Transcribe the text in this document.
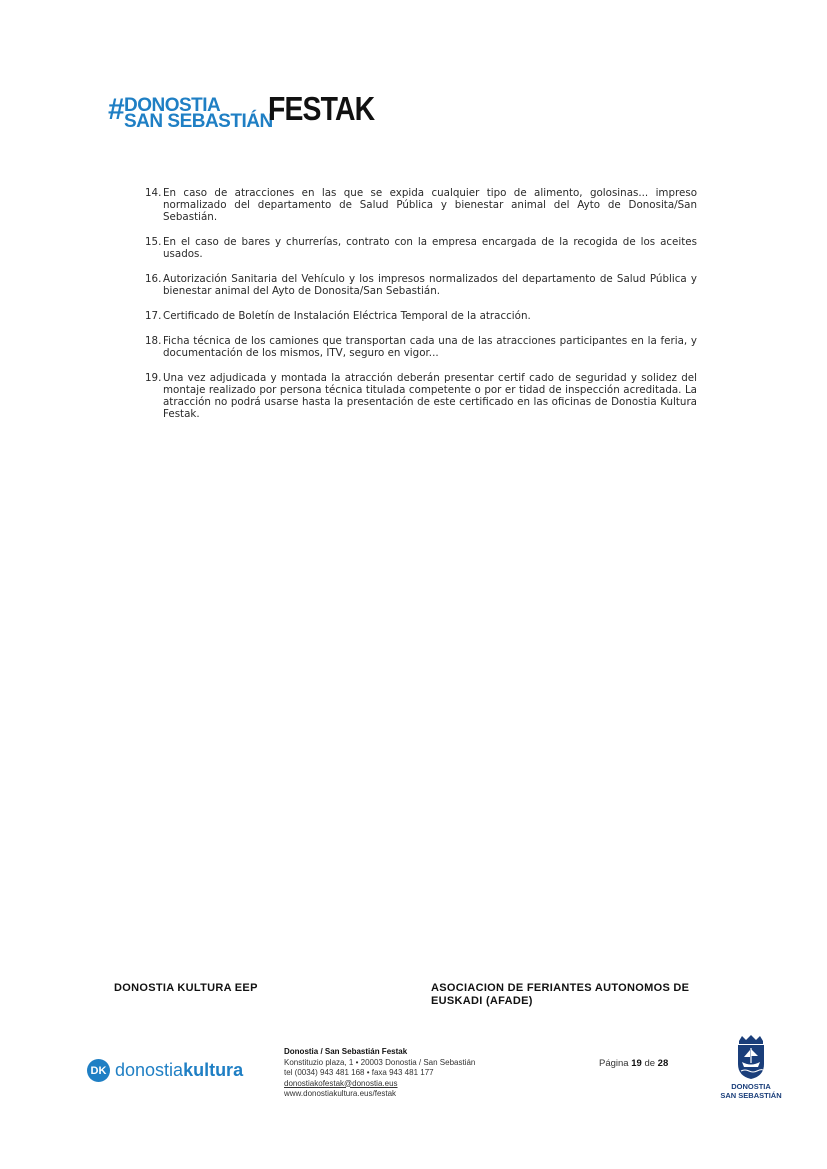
# DONOSTIA
SAN SEBASTIÁN
FESTAK
14. En caso de atracciones en las que se expida cualquier tipo de alimento, golosinas... impreso normalizado del departamento de Salud Pública y bienestar animal del Ayto de Donosita/San Sebastián.
15. En el caso de bares y churrerías, contrato con la empresa encargada de la recogida de los aceites usados.
16. Autorización Sanitaria del Vehículo y los impresos normalizados del departamento de Salud Pública y bienestar animal del Ayto de Donosita/San Sebastián.
17. Certificado de Boletín de Instalación Eléctrica Temporal de la atracción.
18. Ficha técnica de los camiones que transportan cada una de las atracciones participantes en la feria, y documentación de los mismos, ITV, seguro en vigor...
19. Una vez adjudicada y montada la atracción deberán presentar certif cado de seguridad y solidez del montaje realizado por persona técnica titulada competente o por er tidad de inspección acreditada. La atracción no podrá usarse hasta la presentación de este certificado en las oficinas de Donostia Kultura Festak.
DONOSTIA KULTURA EEP	ASOCIACION DE FERIANTES AUTONOMOS DE
EUSKADI (AFADE)
DK donostiakultura
Donostia / San Sebastián Festak
Konstituzio plaza, 1 • 20003 Donostia / San Sebastián
tel (0034) 943 481 168 • faxa 943 481 177
donostiakofestak@donostia.eus
www.donostiakultura.eus/festak
Página 19 de 28
DONOSTIA
SAN SEBASTIÁN
